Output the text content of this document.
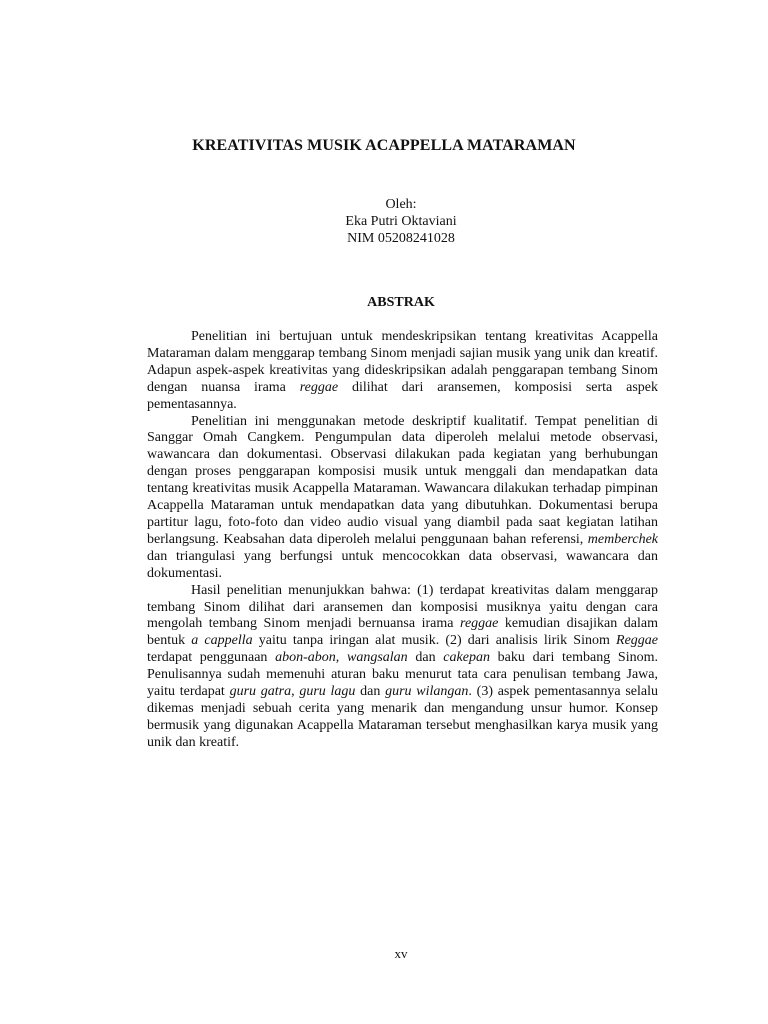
KREATIVITAS MUSIK ACAPPELLA MATARAMAN
Oleh:
Eka Putri Oktaviani
NIM 05208241028
ABSTRAK

Penelitian ini bertujuan untuk mendeskripsikan tentang kreativitas Acappella Mataraman dalam menggarap tembang Sinom menjadi sajian musik yang unik dan kreatif. Adapun aspek-aspek kreativitas yang dideskripsikan adalah penggarapan tembang Sinom dengan nuansa irama reggae dilihat dari aransemen, komposisi serta aspek pementasannya.

Penelitian ini menggunakan metode deskriptif kualitatif. Tempat penelitian di Sanggar Omah Cangkem. Pengumpulan data diperoleh melalui metode observasi, wawancara dan dokumentasi. Observasi dilakukan pada kegiatan yang berhubungan dengan proses penggarapan komposisi musik untuk menggali dan mendapatkan data tentang kreativitas musik Acappella Mataraman. Wawancara dilakukan terhadap pimpinan Acappella Mataraman untuk mendapatkan data yang dibutuhkan. Dokumentasi berupa partitur lagu, foto-foto dan video audio visual yang diambil pada saat kegiatan latihan berlangsung. Keabsahan data diperoleh melalui penggunaan bahan referensi, memberchek dan triangulasi yang berfungsi untuk mencocokkan data observasi, wawancara dan dokumentasi.

Hasil penelitian menunjukkan bahwa: (1) terdapat kreativitas dalam menggarap tembang Sinom dilihat dari aransemen dan komposisi musiknya yaitu dengan cara mengolah tembang Sinom menjadi bernuansa irama reggae kemudian disajikan dalam bentuk a cappella yaitu tanpa iringan alat musik. (2) dari analisis lirik Sinom Reggae terdapat penggunaan abon-abon, wangsalan dan cakepan baku dari tembang Sinom. Penulisannya sudah memenuhi aturan baku menurut tata cara penulisan tembang Jawa, yaitu terdapat guru gatra, guru lagu dan guru wilangan. (3) aspek pementasannya selalu dikemas menjadi sebuah cerita yang menarik dan mengandung unsur humor. Konsep bermusik yang digunakan Acappella Mataraman tersebut menghasilkan karya musik yang unik dan kreatif.

xv
